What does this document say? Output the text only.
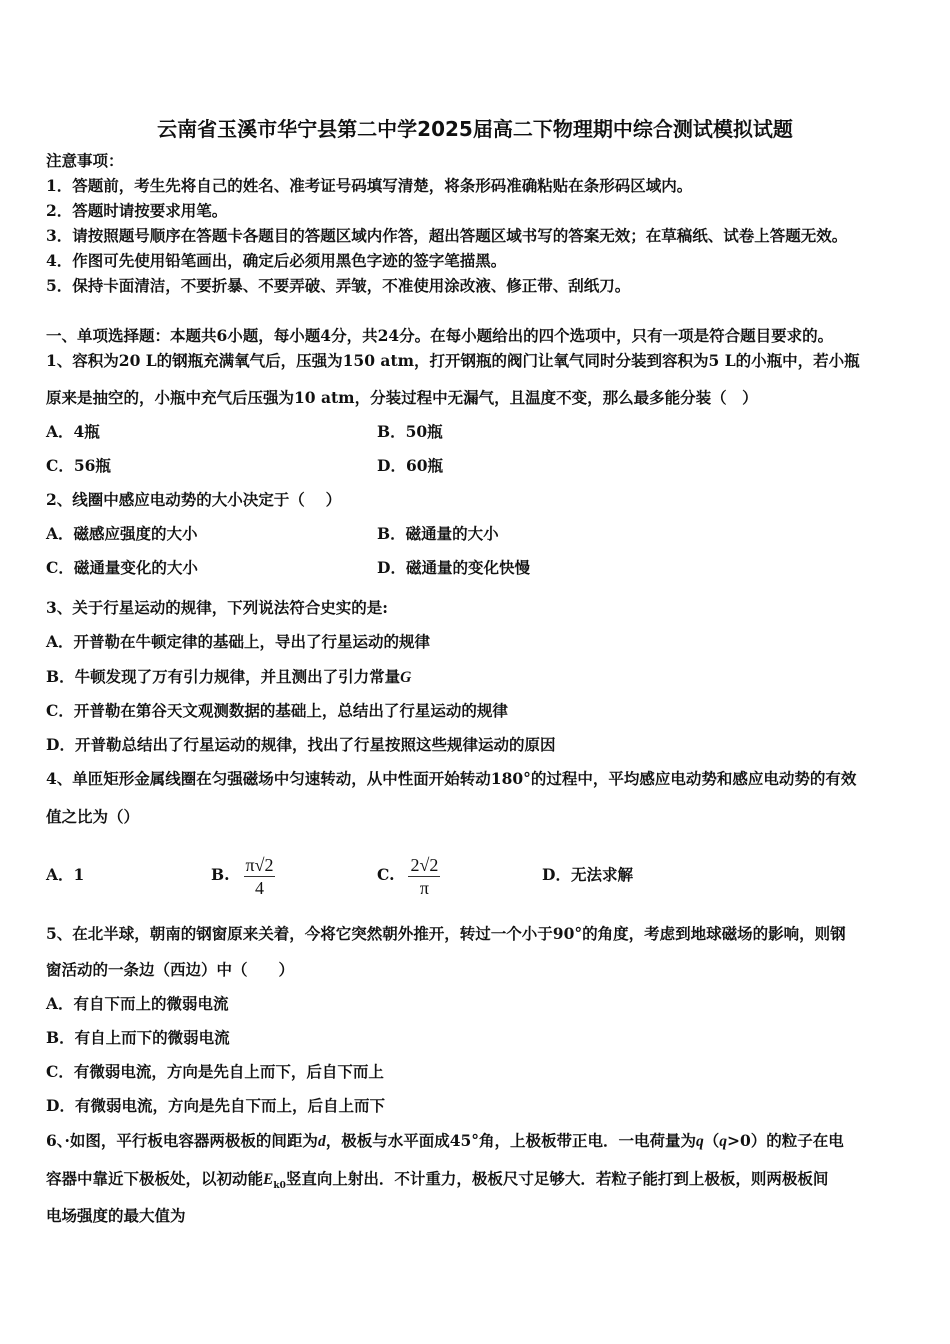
云南省玉溪市华宁县第二中学2025届高二下物理期中综合测试模拟试题
注意事项：
1．答题前，考生先将自己的姓名、准考证号码填写清楚，将条形码准确粘贴在条形码区域内。
2．答题时请按要求用笔。
3．请按照题号顺序在答题卡各题目的答题区域内作答，超出答题区域书写的答案无效；在草稿纸、试卷上答题无效。
4．作图可先使用铅笔画出，确定后必须用黑色字迹的签字笔描黑。
5．保持卡面清洁，不要折暴、不要弄破、弄皱，不准使用涂改液、修正带、刮纸刀。
一、单项选择题：本题共6小题，每小题4分，共24分。在每小题给出的四个选项中，只有一项是符合题目要求的。
1、容积为20 L的钢瓶充满氧气后，压强为150 atm，打开钢瓶的阀门让氧气同时分装到容积为5 L的小瓶中，若小瓶
原来是抽空的，小瓶中充气后压强为10 atm，分装过程中无漏气，且温度不变，那么最多能分装（　）
A．4瓶	B．50瓶
C．56瓶	D．60瓶
2、线圈中感应电动势的大小决定于（　 ）
A．磁感应强度的大小	B．磁通量的大小
C．磁通量变化的大小	D．磁通量的变化快慢
3、关于行星运动的规律，下列说法符合史实的是:
A．开普勒在牛顿定律的基础上，导出了行星运动的规律
B．牛顿发现了万有引力规律，并且测出了引力常量G
C．开普勒在第谷天文观测数据的基础上，总结出了行星运动的规律
D．开普勒总结出了行星运动的规律，找出了行星按照这些规律运动的原因
4、单匝矩形金属线圈在匀强磁场中匀速转动，从中性面开始转动180°的过程中，平均感应电动势和感应电动势的有效
值之比为（）
A．1	B. $\frac{\pi√2}{4}$	C. $\frac{2√2}{\pi}$	D．无法求解
5、在北半球，朝南的钢窗原来关着，今将它突然朝外推开，转过一个小于90°的角度，考虑到地球磁场的影响，则钢
窗活动的一条边（西边）中（　　）
A．有自下而上的微弱电流
B．有自上而下的微弱电流
C．有微弱电流，方向是先自上而下，后自下而上
D．有微弱电流，方向是先自下而上，后自上而下
6、·如图，平行板电容器两极板的间距为d，极板与水平面成45°角，上极板带正电．一电荷量为q（q>0）的粒子在电
容器中靠近下极板处，以初动能$E_{k0}$竖直向上射出．不计重力，极板尺寸足够大．若粒子能打到上极板，则两极板间
电场强度的最大值为
